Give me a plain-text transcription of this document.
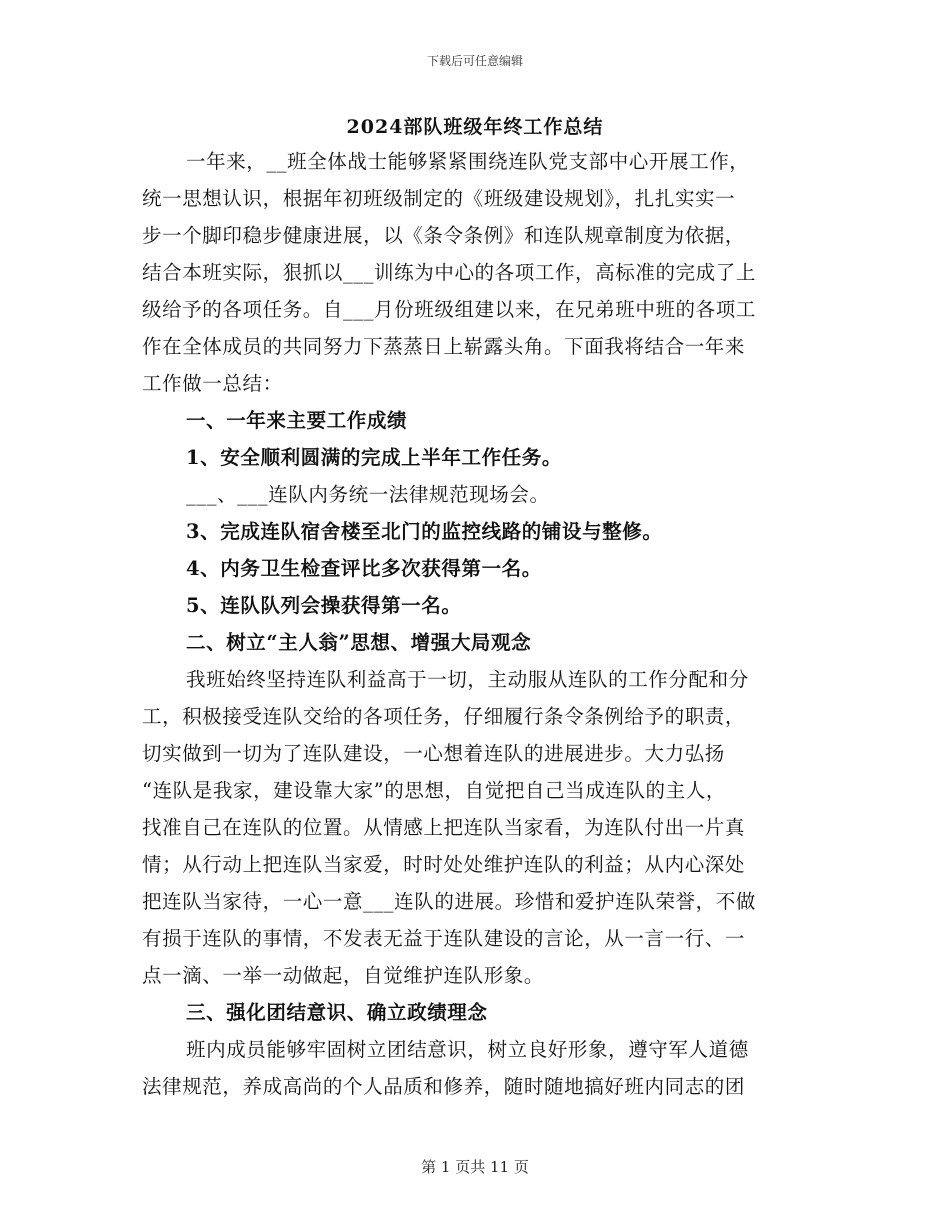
下载后可任意编辑
2024部队班级年终工作总结
一年来，__班全体战士能够紧紧围绕连队党支部中心开展工作，
统一思想认识，根据年初班级制定的《班级建设规划》，扎扎实实一
步一个脚印稳步健康进展，以《条令条例》和连队规章制度为依据，
结合本班实际，狠抓以___训练为中心的各项工作，高标准的完成了上
级给予的各项任务。自___月份班级组建以来，在兄弟班中班的各项工
作在全体成员的共同努力下蒸蒸日上崭露头角。下面我将结合一年来
工作做一总结：
一、一年来主要工作成绩
1、安全顺利圆满的完成上半年工作任务。
___、___连队内务统一法律规范现场会。
3、完成连队宿舍楼至北门的监控线路的铺设与整修。
4、内务卫生检查评比多次获得第一名。
5、连队队列会操获得第一名。
二、树立“主人翁”思想、增强大局观念
我班始终坚持连队利益高于一切，主动服从连队的工作分配和分
工，积极接受连队交给的各项任务，仔细履行条令条例给予的职责，
切实做到一切为了连队建设，一心想着连队的进展进步。大力弘扬
“连队是我家，建设靠大家”的思想，自觉把自己当成连队的主人，
找准自己在连队的位置。从情感上把连队当家看，为连队付出一片真
情；从行动上把连队当家爱，时时处处维护连队的利益；从内心深处
把连队当家待，一心一意___连队的进展。珍惜和爱护连队荣誉，不做
有损于连队的事情，不发表无益于连队建设的言论，从一言一行、一
点一滴、一举一动做起，自觉维护连队形象。
三、强化团结意识、确立政绩理念
班内成员能够牢固树立团结意识，树立良好形象，遵守军人道德
法律规范，养成高尚的个人品质和修养，随时随地搞好班内同志的团
第 1 页共 11 页
